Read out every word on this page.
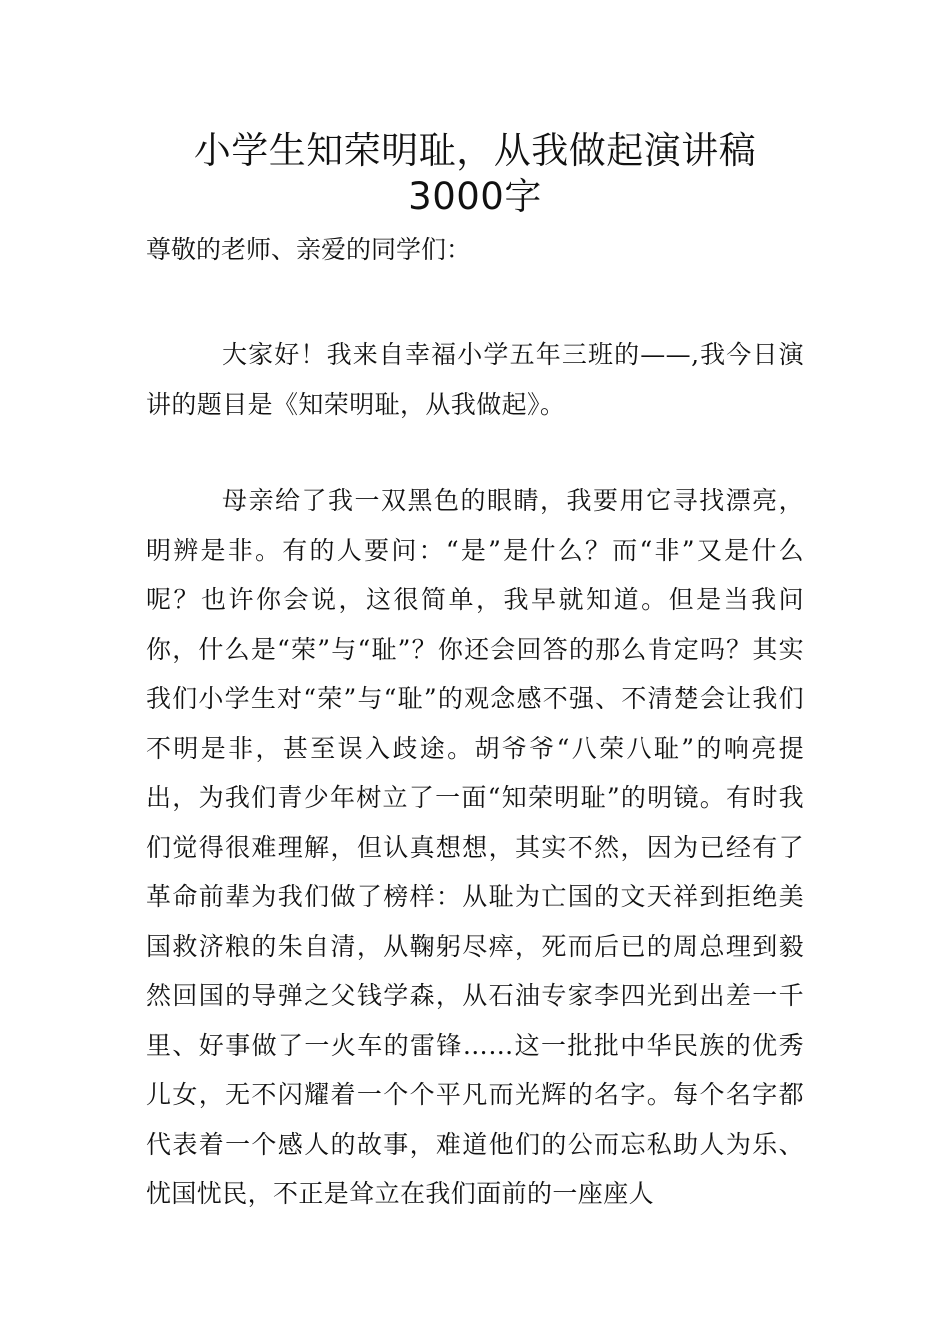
小学生知荣明耻，从我做起演讲稿3000字

尊敬的老师、亲爱的同学们：

大家好！我来自幸福小学五年三班的——,我今日演讲的题目是《知荣明耻，从我做起》。

母亲给了我一双黑色的眼睛，我要用它寻找漂亮，明辨是非。有的人要问：“是”是什么？而“非”又是什么呢？也许你会说，这很简单，我早就知道。但是当我问你，什么是“荣”与“耻”？你还会回答的那么肯定吗？其实我们小学生对“荣”与“耻”的观念感不强、不清楚会让我们不明是非，甚至误入歧途。胡爷爷“八荣八耻”的响亮提出，为我们青少年树立了一面“知荣明耻”的明镜。有时我们觉得很难理解，但认真想想，其实不然，因为已经有了革命前辈为我们做了榜样：从耻为亡国的文天祥到拒绝美国救济粮的朱自清，从鞠躬尽瘁，死而后已的周总理到毅然回国的导弹之父钱学森，从石油专家李四光到出差一千里、好事做了一火车的雷锋……这一批批中华民族的优秀儿女，无不闪耀着一个个平凡而光辉的名字。每个名字都代表着一个感人的故事，难道他们的公而忘私助人为乐、忧国忧民，不正是耸立在我们面前的一座座人
